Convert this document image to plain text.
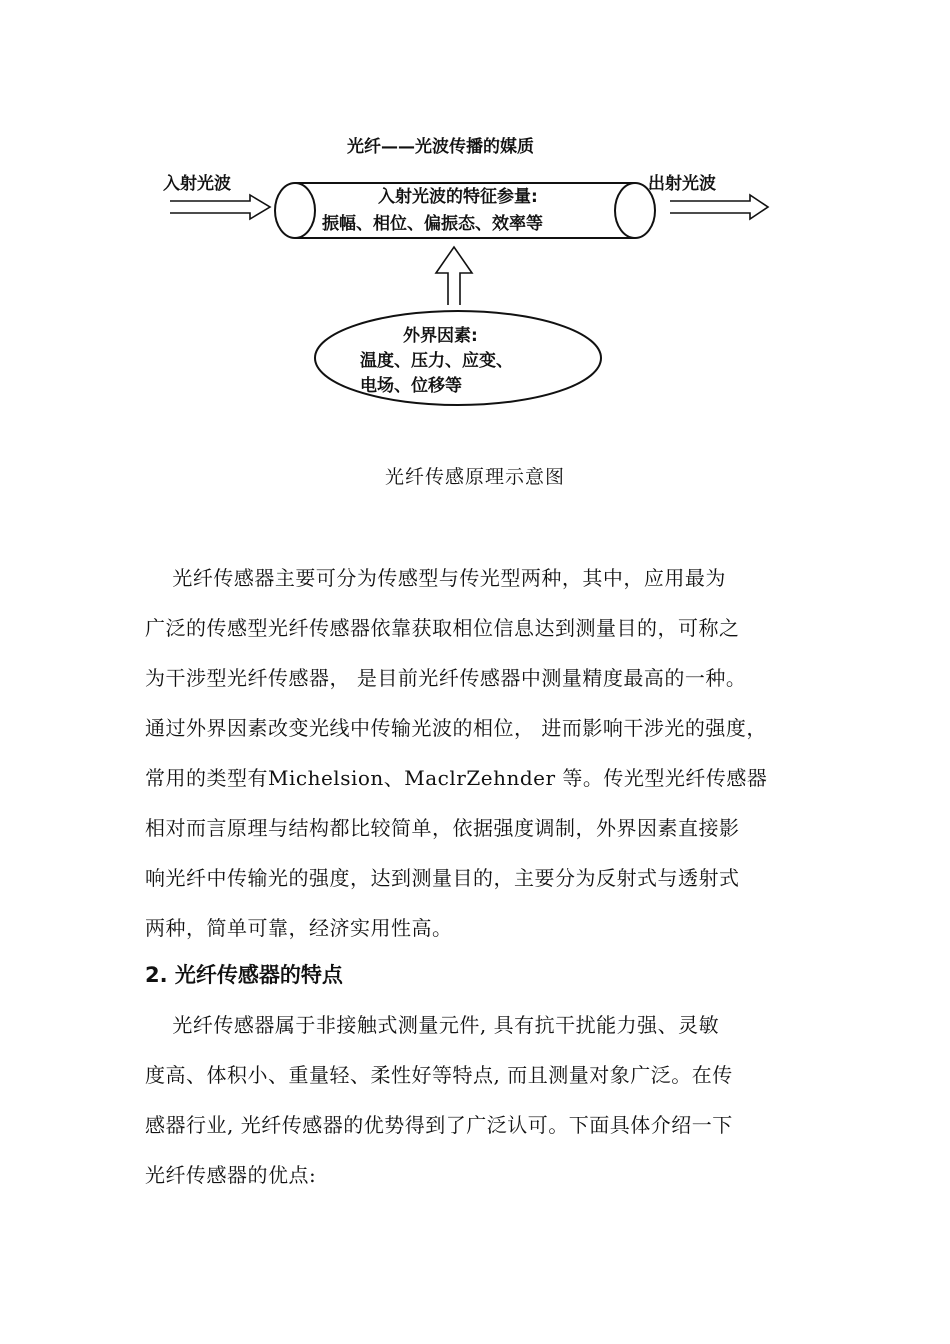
光纤——光波传播的媒质
入射光波	出射光波
入射光波的特征参量:
振幅、相位、偏振态、效率等
外界因素:
温度、压力、应变、
电场、位移等
光纤传感原理示意图
光纤传感器主要可分为传感型与传光型两种，其中，应用最为
广泛的传感型光纤传感器依靠获取相位信息达到测量目的，可称之
为干涉型光纤传感器， 是目前光纤传感器中测量精度最高的一种。
通过外界因素改变光线中传输光波的相位， 进而影响干涉光的强度，
常用的类型有Michelsion、MaclrZehnder 等。传光型光纤传感器
相对而言原理与结构都比较简单，依据强度调制，外界因素直接影
响光纤中传输光的强度，达到测量目的，主要分为反射式与透射式
两种，简单可靠，经济实用性高。
2. 光纤传感器的特点
光纤传感器属于非接触式测量元件, 具有抗干扰能力强、灵敏
度高、体积小、重量轻、柔性好等特点, 而且测量对象广泛。在传
感器行业, 光纤传感器的优势得到了广泛认可。下面具体介绍一下
光纤传感器的优点:
